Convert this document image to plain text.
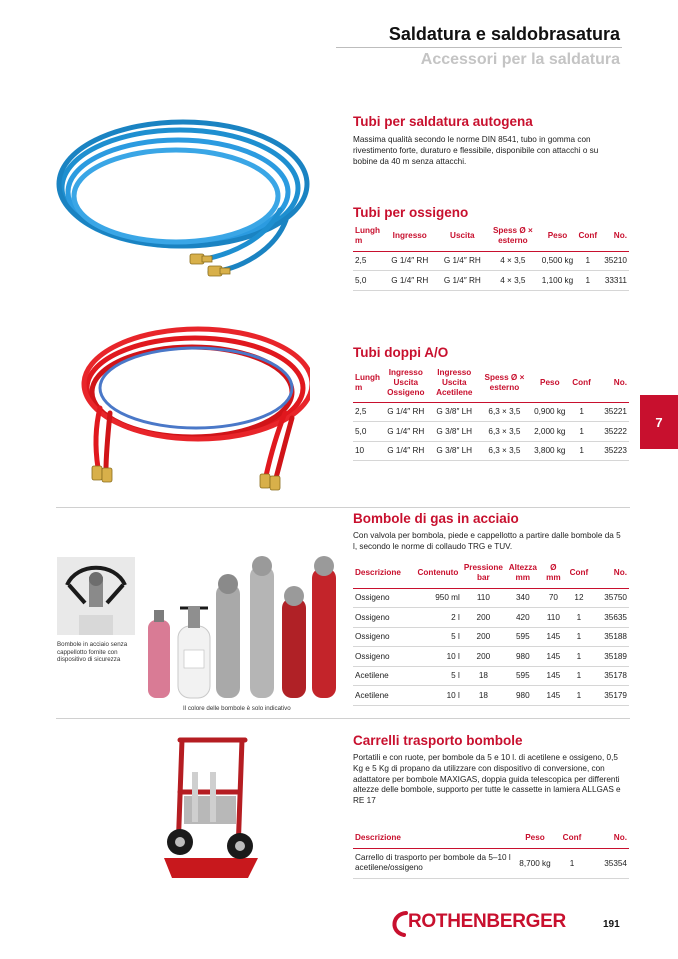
Saldatura e saldobrasatura
Accessori per la saldatura
7
Tubi per saldatura autogena
Massima qualità secondo le norme DIN 8541, tubo in gomma con rivestimento forte, duraturo e flessibile, disponibile con attacchi o su bobine da 40 m senza attacchi.
Tubi per ossigeno
Lungh m	Ingresso	Uscita	Spess Ø × esterno	Peso	Conf	No.
2,5	G 1/4″ RH	G 1/4″ RH	4 × 3,5	0,500 kg	1	35210
5,0	G 1/4″ RH	G 1/4″ RH	4 × 3,5	1,100 kg	1	33311
Tubi doppi A/O
Lungh m	Ingresso Uscita Ossigeno	Ingresso Uscita Acetilene	Spess Ø × esterno	Peso	Conf	No.
2,5	G 1/4″ RH	G 3/8″ LH	6,3 × 3,5	0,900 kg	1	35221
5,0	G 1/4″ RH	G 3/8″ LH	6,3 × 3,5	2,000 kg	1	35222
10	G 1/4″ RH	G 3/8″ LH	6,3 × 3,5	3,800 kg	1	35223
Bombole in acciaio senza cappellotto fornite con dispositivo di sicurezza
Il colore delle bombole è solo indicativo
Bombole di gas in acciaio
Con valvola per bombola, piede e cappellotto a partire dalle bombole da 5 l, secondo le norme di collaudo TRG e TUV.
Descrizione	Contenuto	Pressione bar	Altezza mm	Ø mm	Conf	No.
Ossigeno	950 ml	110	340	70	12	35750
Ossigeno	2 l	200	420	110	1	35635
Ossigeno	5 l	200	595	145	1	35188
Ossigeno	10 l	200	980	145	1	35189
Acetilene	5 l	18	595	145	1	35178
Acetilene	10 l	18	980	145	1	35179
Carrelli trasporto bombole
Portatili e con ruote, per bombole da 5 e 10 l. di acetilene e ossigeno, 0,5 Kg e 5 Kg di propano da utilizzare con dispositivo di conversione, con adattatore per bombole MAXIGAS, doppia guida telescopica per differenti altezze delle bombole, supporto per tutte le cassette in lamiera ALLGAS e RE 17
Descrizione	Peso	Conf	No.
Carrello di trasporto per bombole da 5–10 l acetilene/ossigeno	8,700 kg	1	35354
ROTHENBERGER	191
